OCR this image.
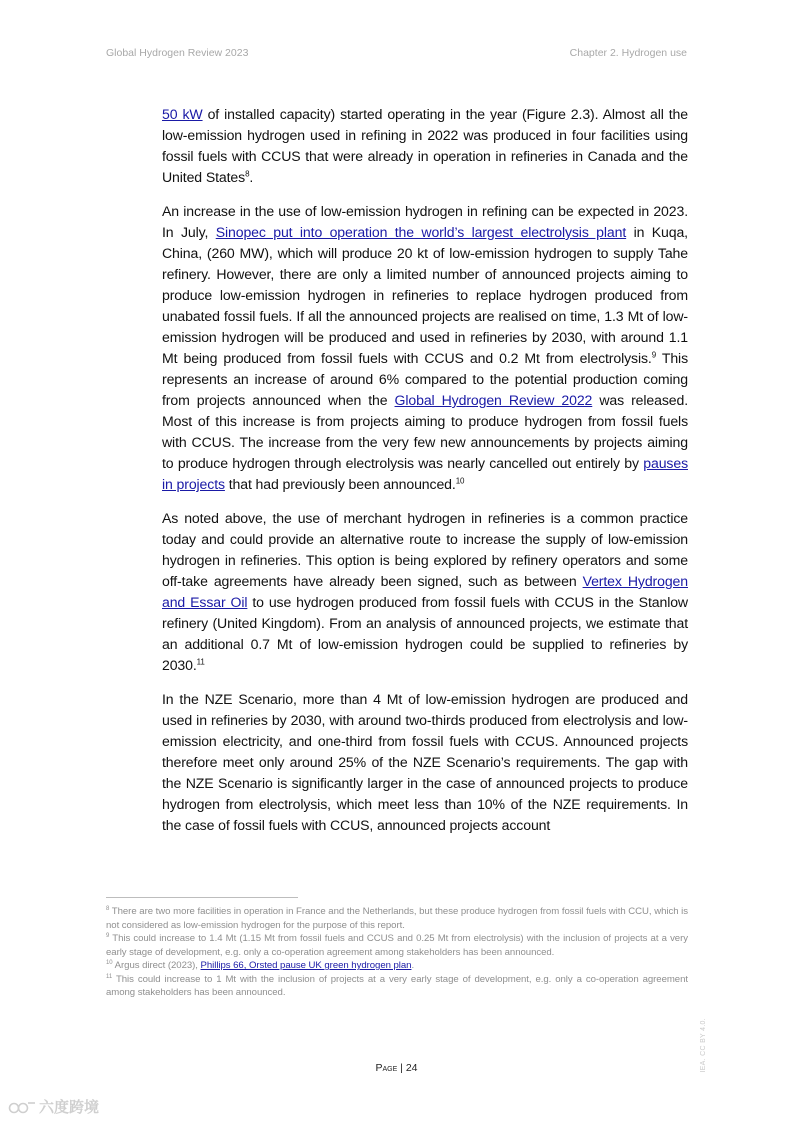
Global Hydrogen Review 2023	Chapter 2. Hydrogen use

50 kW of installed capacity) started operating in the year (Figure 2.3). Almost all the low-emission hydrogen used in refining in 2022 was produced in four facilities using fossil fuels with CCUS that were already in operation in refineries in Canada and the United States$^8$.

An increase in the use of low-emission hydrogen in refining can be expected in 2023. In July, Sinopec put into operation the world’s largest electrolysis plant in Kuqa, China, (260 MW), which will produce 20 kt of low-emission hydrogen to supply Tahe refinery. However, there are only a limited number of announced projects aiming to produce low-emission hydrogen in refineries to replace hydrogen produced from unabated fossil fuels. If all the announced projects are realised on time, 1.3 Mt of low-emission hydrogen will be produced and used in refineries by 2030, with around 1.1 Mt being produced from fossil fuels with CCUS and 0.2 Mt from electrolysis.$^9$ This represents an increase of around 6% compared to the potential production coming from projects announced when the Global Hydrogen Review 2022 was released. Most of this increase is from projects aiming to produce hydrogen from fossil fuels with CCUS. The increase from the very few new announcements by projects aiming to produce hydrogen through electrolysis was nearly cancelled out entirely by pauses in projects that had previously been announced.$^{10}$

As noted above, the use of merchant hydrogen in refineries is a common practice today and could provide an alternative route to increase the supply of low-emission hydrogen in refineries. This option is being explored by refinery operators and some off-take agreements have already been signed, such as between Vertex Hydrogen and Essar Oil to use hydrogen produced from fossil fuels with CCUS in the Stanlow refinery (United Kingdom). From an analysis of announced projects, we estimate that an additional 0.7 Mt of low-emission hydrogen could be supplied to refineries by 2030.11

In the NZE Scenario, more than 4 Mt of low-emission hydrogen are produced and used in refineries by 2030, with around two-thirds produced from electrolysis and low-emission electricity, and one-third from fossil fuels with CCUS. Announced projects therefore meet only around 25% of the NZE Scenario’s requirements. The gap with the NZE Scenario is significantly larger in the case of announced projects to produce hydrogen from electrolysis, which meet less than 10% of the NZE requirements. In the case of fossil fuels with CCUS, announced projects account

$^8$ There are two more facilities in operation in France and the Netherlands, but these produce hydrogen from fossil fuels with CCU, which is not considered as low-emission hydrogen for the purpose of this report.

$^9$ This could increase to 1.4 Mt (1.15 Mt from fossil fuels and CCUS and 0.25 Mt from electrolysis) with the inclusion of projects at a very early stage of development, e.g. only a co-operation agreement among stakeholders has been announced.

$^{10}$ Argus direct (2023), Phillips 66, Orsted pause UK green hydrogen plan.

$^{11}$ This could increase to 1 Mt with the inclusion of projects at a very early stage of development, e.g. only a co-operation agreement among stakeholders has been announced.

IEA. CC BY 4.0.
Page | 24
六度跨境
